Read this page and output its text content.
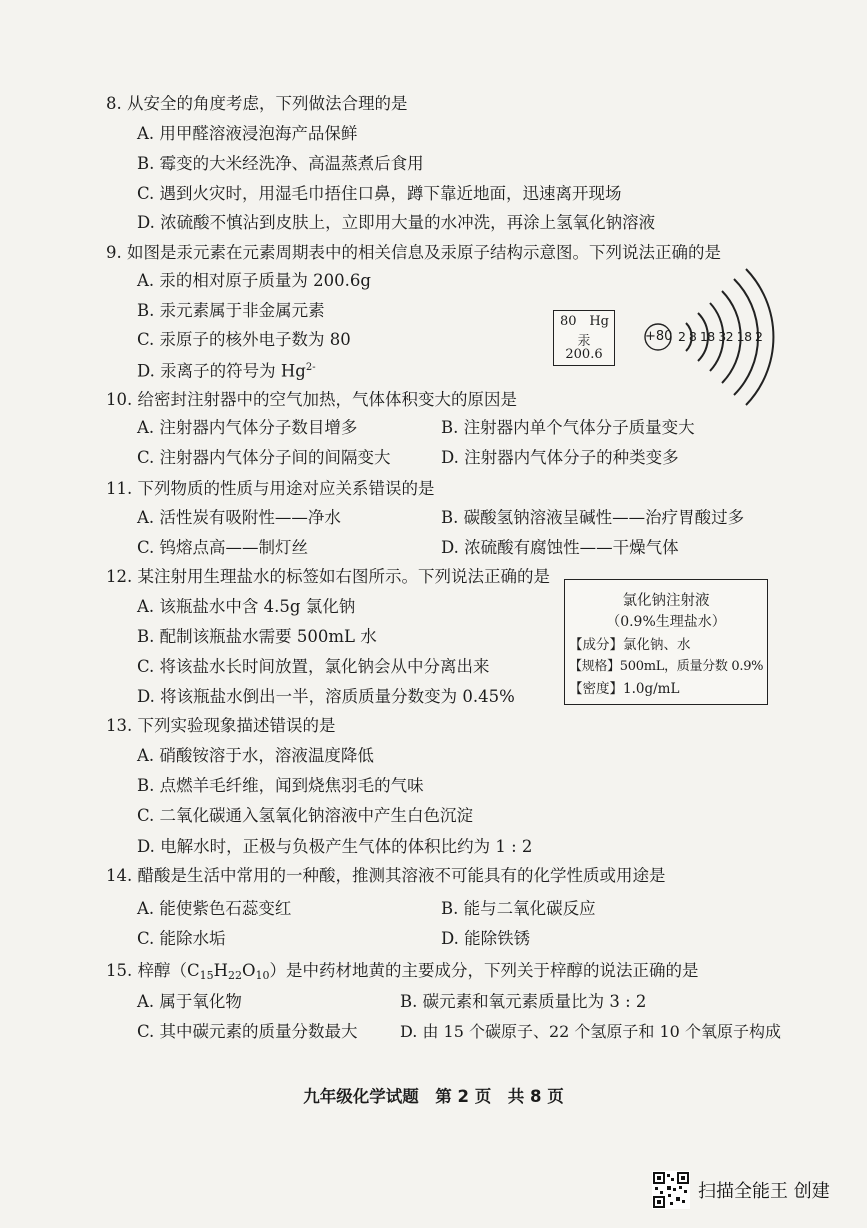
8. 从安全的角度考虑，下列做法合理的是
A. 用甲醛溶液浸泡海产品保鲜
B. 霉变的大米经洗净、高温蒸煮后食用
C. 遇到火灾时，用湿毛巾捂住口鼻，蹲下靠近地面，迅速离开现场
D. 浓硫酸不慎沾到皮肤上，立即用大量的水冲洗，再涂上氢氧化钠溶液
9. 如图是汞元素在元素周期表中的相关信息及汞原子结构示意图。下列说法正确的是
A. 汞的相对原子质量为 200.6g
B. 汞元素属于非金属元素
C. 汞原子的核外电子数为 80
D. 汞离子的符号为 $Hg^{2-}$
80 Hg
汞
200.6
+80 2 8 18 32 18 2
10. 给密封注射器中的空气加热，气体体积变大的原因是
A. 注射器内气体分子数目增多	B. 注射器内单个气体分子质量变大
C. 注射器内气体分子间的间隔变大	D. 注射器内气体分子的种类变多
11. 下列物质的性质与用途对应关系错误的是
A. 活性炭有吸附性——净水	B. 碳酸氢钠溶液呈碱性——治疗胃酸过多
C. 钨熔点高——制灯丝	D. 浓硫酸有腐蚀性——干燥气体
12. 某注射用生理盐水的标签如右图所示。下列说法正确的是
A. 该瓶盐水中含 4.5g 氯化钠
B. 配制该瓶盐水需要 500mL 水
C. 将该盐水长时间放置，氯化钠会从中分离出来
D. 将该瓶盐水倒出一半，溶质质量分数变为 0.45%
氯化钠注射液
（0.9%生理盐水）
【成分】氯化钠、水
【规格】500mL，质量分数 0.9%
【密度】1.0g/mL
13. 下列实验现象描述错误的是
A. 硝酸铵溶于水，溶液温度降低
B. 点燃羊毛纤维，闻到烧焦羽毛的气味
C. 二氧化碳通入氢氧化钠溶液中产生白色沉淀
D. 电解水时，正极与负极产生气体的体积比约为 1 : 2
14. 醋酸是生活中常用的一种酸，推测其溶液不可能具有的化学性质或用途是
A. 能使紫色石蕊变红	B. 能与二氧化碳反应
C. 能除水垢	D. 能除铁锈
15. 梓醇（C15H22O10）是中药材地黄的主要成分，下列关于梓醇的说法正确的是
A. 属于氧化物	B. 碳元素和氧元素质量比为 3 : 2
C. 其中碳元素的质量分数最大	D. 由 15 个碳原子、22 个氢原子和 10 个氧原子构成
九年级化学试题　第 2 页　共 8 页
扫描全能王 创建
